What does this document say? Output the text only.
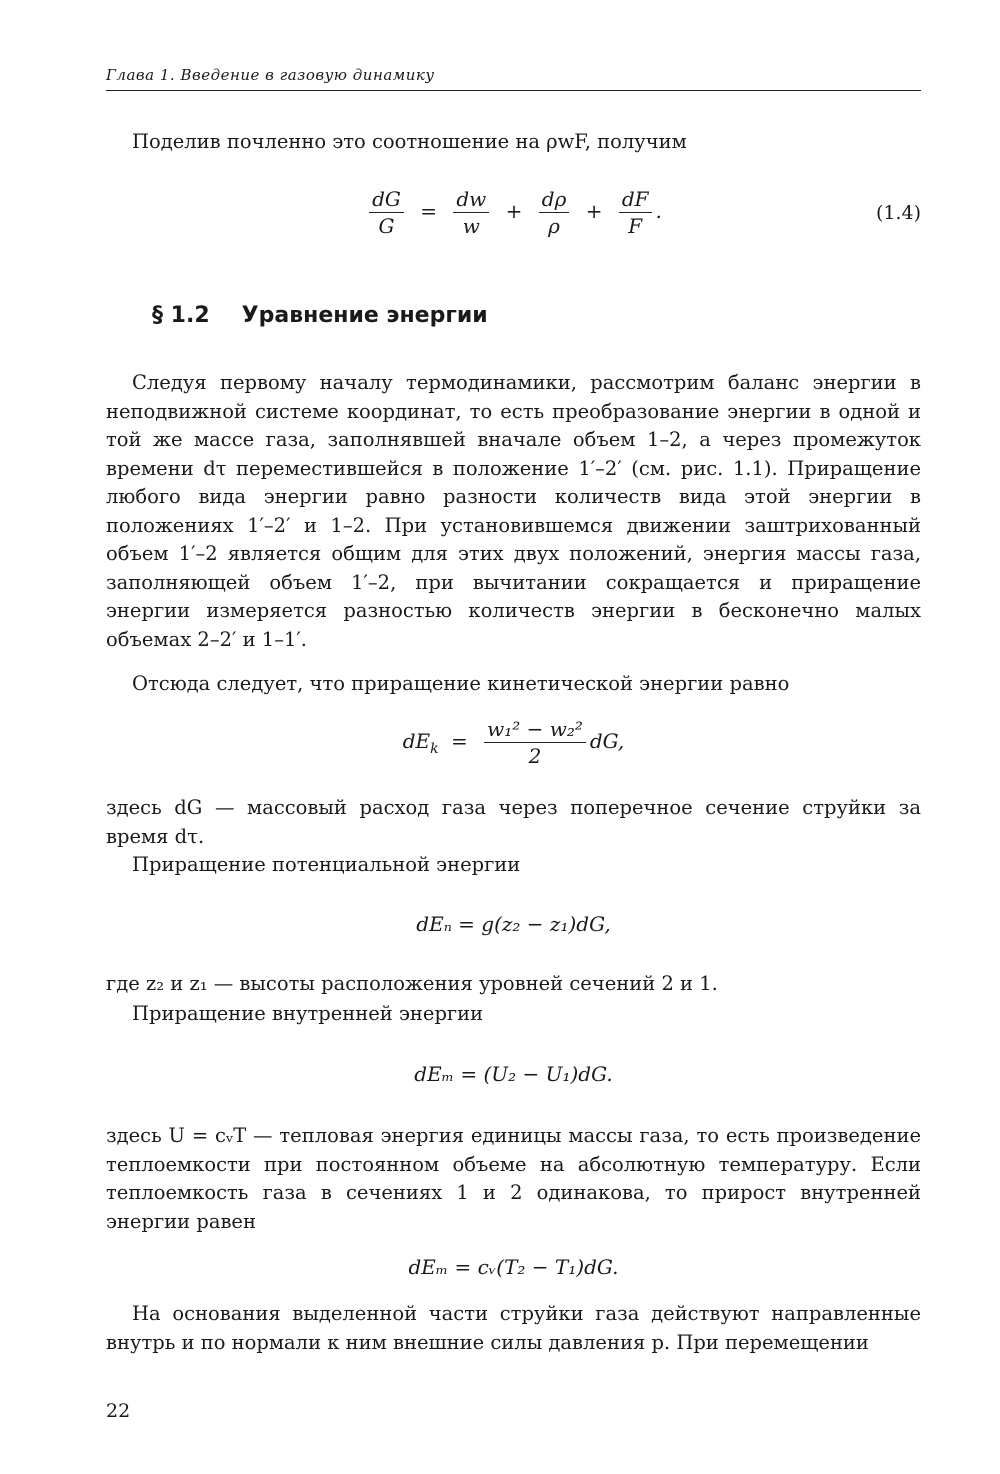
Глава 1. Введение в газовую динамику

Поделив почленно это соотношение на ρwF, получим

$\frac{dG}{G} = \frac{dw}{w} + \frac{d\rho}{\rho} + \frac{dF}{F}$ .	(1.4)
§ 1.2 Уравнение энергии

Следуя первому началу термодинамики, рассмотрим баланс энергии в неподвижной системе координат, то есть преобразование энергии в одной и той же массе газа, заполнявшей вначале объем 1–2, а через промежуток времени dτ переместившейся в положение 1′–2′ (см. рис. 1.1). Приращение любого вида энергии равно разности количеств вида этой энергии в положениях 1′–2′ и 1–2. При установившемся движении заштрихованный объем 1′–2 является общим для этих двух положений, энергия массы газа, заполняющей объем 1′–2, при вычитании сокращается и приращение энергии измеряется разностью количеств энергии в бесконечно малых объемах 2–2′ и 1–1′.

Отсюда следует, что приращение кинетической энергии равно

$dE_k = \frac{\text{w₁² − w₂²}}{2}$ dG,

здесь dG — массовый расход газа через поперечное сечение струйки за время dτ.

Приращение потенциальной энергии

dEₙ = g(z₂ − z₁)dG,

где z₂ и z₁ — высоты расположения уровней сечений 2 и 1.

Приращение внутренней энергии

dEₘ = (U₂ − U₁)dG.

здесь U = cᵥT — тепловая энергия единицы массы газа, то есть произведение теплоемкости при постоянном объеме на абсолютную температуру. Если теплоемкость газа в сечениях 1 и 2 одинакова, то прирост внутренней энергии равен

dEₘ = cᵥ(T₂ − T₁)dG.

На основания выделенной части струйки газа действуют направленные внутрь и по нормали к ним внешние силы давления p. При перемещении

22
